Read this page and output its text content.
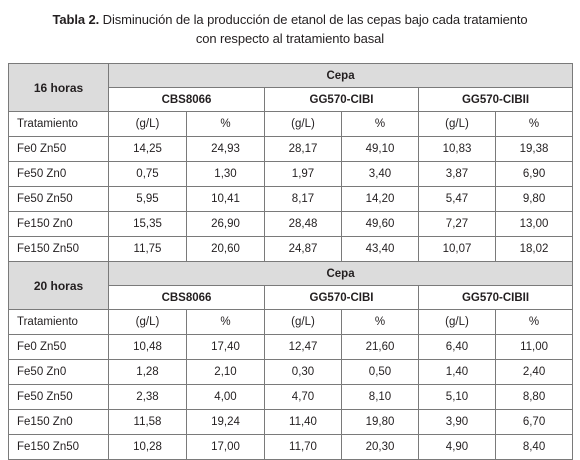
Tabla 2. Disminución de la producción de etanol de las cepas bajo cada tratamiento
con respecto al tratamiento basal
16 horas	Cepa					
	CBS8066		GG570-CIBI		GG570-CIBII	
Tratamiento	(g/L)	%	(g/L)	%	(g/L)	%
Fe0 Zn50	14,25	24,93	28,17	49,10	10,83	19,38
Fe50 Zn0	0,75	1,30	1,97	3,40	3,87	6,90
Fe50 Zn50	5,95	10,41	8,17	14,20	5,47	9,80
Fe150 Zn0	15,35	26,90	28,48	49,60	7,27	13,00
Fe150 Zn50	11,75	20,60	24,87	43,40	10,07	18,02
20 horas	Cepa					
	CBS8066		GG570-CIBI		GG570-CIBII	
Tratamiento	(g/L)	%	(g/L)	%	(g/L)	%
Fe0 Zn50	10,48	17,40	12,47	21,60	6,40	11,00
Fe50 Zn0	1,28	2,10	0,30	0,50	1,40	2,40
Fe50 Zn50	2,38	4,00	4,70	8,10	5,10	8,80
Fe150 Zn0	11,58	19,24	11,40	19,80	3,90	6,70
Fe150 Zn50	10,28	17,00	11,70	20,30	4,90	8,40
